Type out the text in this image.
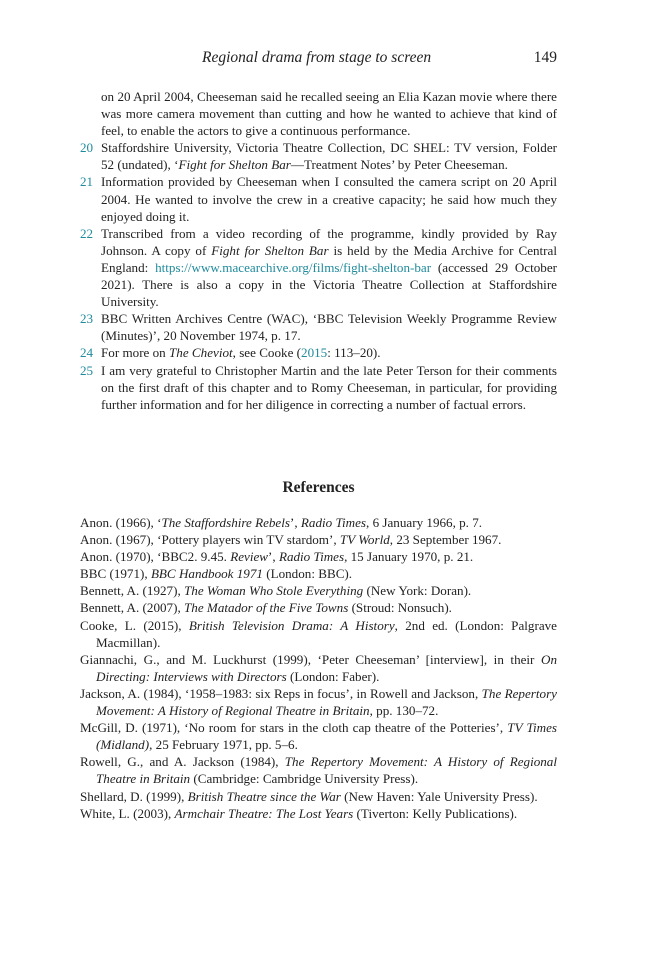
Regional drama from stage to screen	149
on 20 April 2004, Cheeseman said he recalled seeing an Elia Kazan movie where there was more camera movement than cutting and how he wanted to achieve that kind of feel, to enable the actors to give a continuous performance.
20 Staffordshire University, Victoria Theatre Collection, DC SHEL: TV version, Folder 52 (undated), ‘Fight for Shelton Bar—Treatment Notes’ by Peter Cheeseman.
21 Information provided by Cheeseman when I consulted the camera script on 20 April 2004. He wanted to involve the crew in a creative capacity; he said how much they enjoyed doing it.
22 Transcribed from a video recording of the programme, kindly provided by Ray Johnson. A copy of Fight for Shelton Bar is held by the Media Archive for Central England: https://www.macearchive.org/films/fight-shelton-bar (accessed 29 October 2021). There is also a copy in the Victoria Theatre Collection at Staffordshire University.
23 BBC Written Archives Centre (WAC), ‘BBC Television Weekly Programme Review (Minutes)’, 20 November 1974, p. 17.
24 For more on The Cheviot, see Cooke (2015: 113–20).
25 I am very grateful to Christopher Martin and the late Peter Terson for their comments on the first draft of this chapter and to Romy Cheeseman, in particular, for providing further information and for her diligence in correcting a number of factual errors.
References
Anon. (1966), ‘The Staffordshire Rebels’, Radio Times, 6 January 1966, p. 7.
Anon. (1967), ‘Pottery players win TV stardom’, TV World, 23 September 1967.
Anon. (1970), ‘BBC2. 9.45. Review’, Radio Times, 15 January 1970, p. 21.
BBC (1971), BBC Handbook 1971 (London: BBC).
Bennett, A. (1927), The Woman Who Stole Everything (New York: Doran).
Bennett, A. (2007), The Matador of the Five Towns (Stroud: Nonsuch).
Cooke, L. (2015), British Television Drama: A History, 2nd ed. (London: Palgrave Macmillan).
Giannachi, G., and M. Luckhurst (1999), ‘Peter Cheeseman’ [interview], in their On Directing: Interviews with Directors (London: Faber).
Jackson, A. (1984), ‘1958–1983: six Reps in focus’, in Rowell and Jackson, The Repertory Movement: A History of Regional Theatre in Britain, pp. 130–72.
McGill, D. (1971), ‘No room for stars in the cloth cap theatre of the Potteries’, TV Times (Midland), 25 February 1971, pp. 5–6.
Rowell, G., and A. Jackson (1984), The Repertory Movement: A History of Regional Theatre in Britain (Cambridge: Cambridge University Press).
Shellard, D. (1999), British Theatre since the War (New Haven: Yale University Press).
White, L. (2003), Armchair Theatre: The Lost Years (Tiverton: Kelly Publications).
